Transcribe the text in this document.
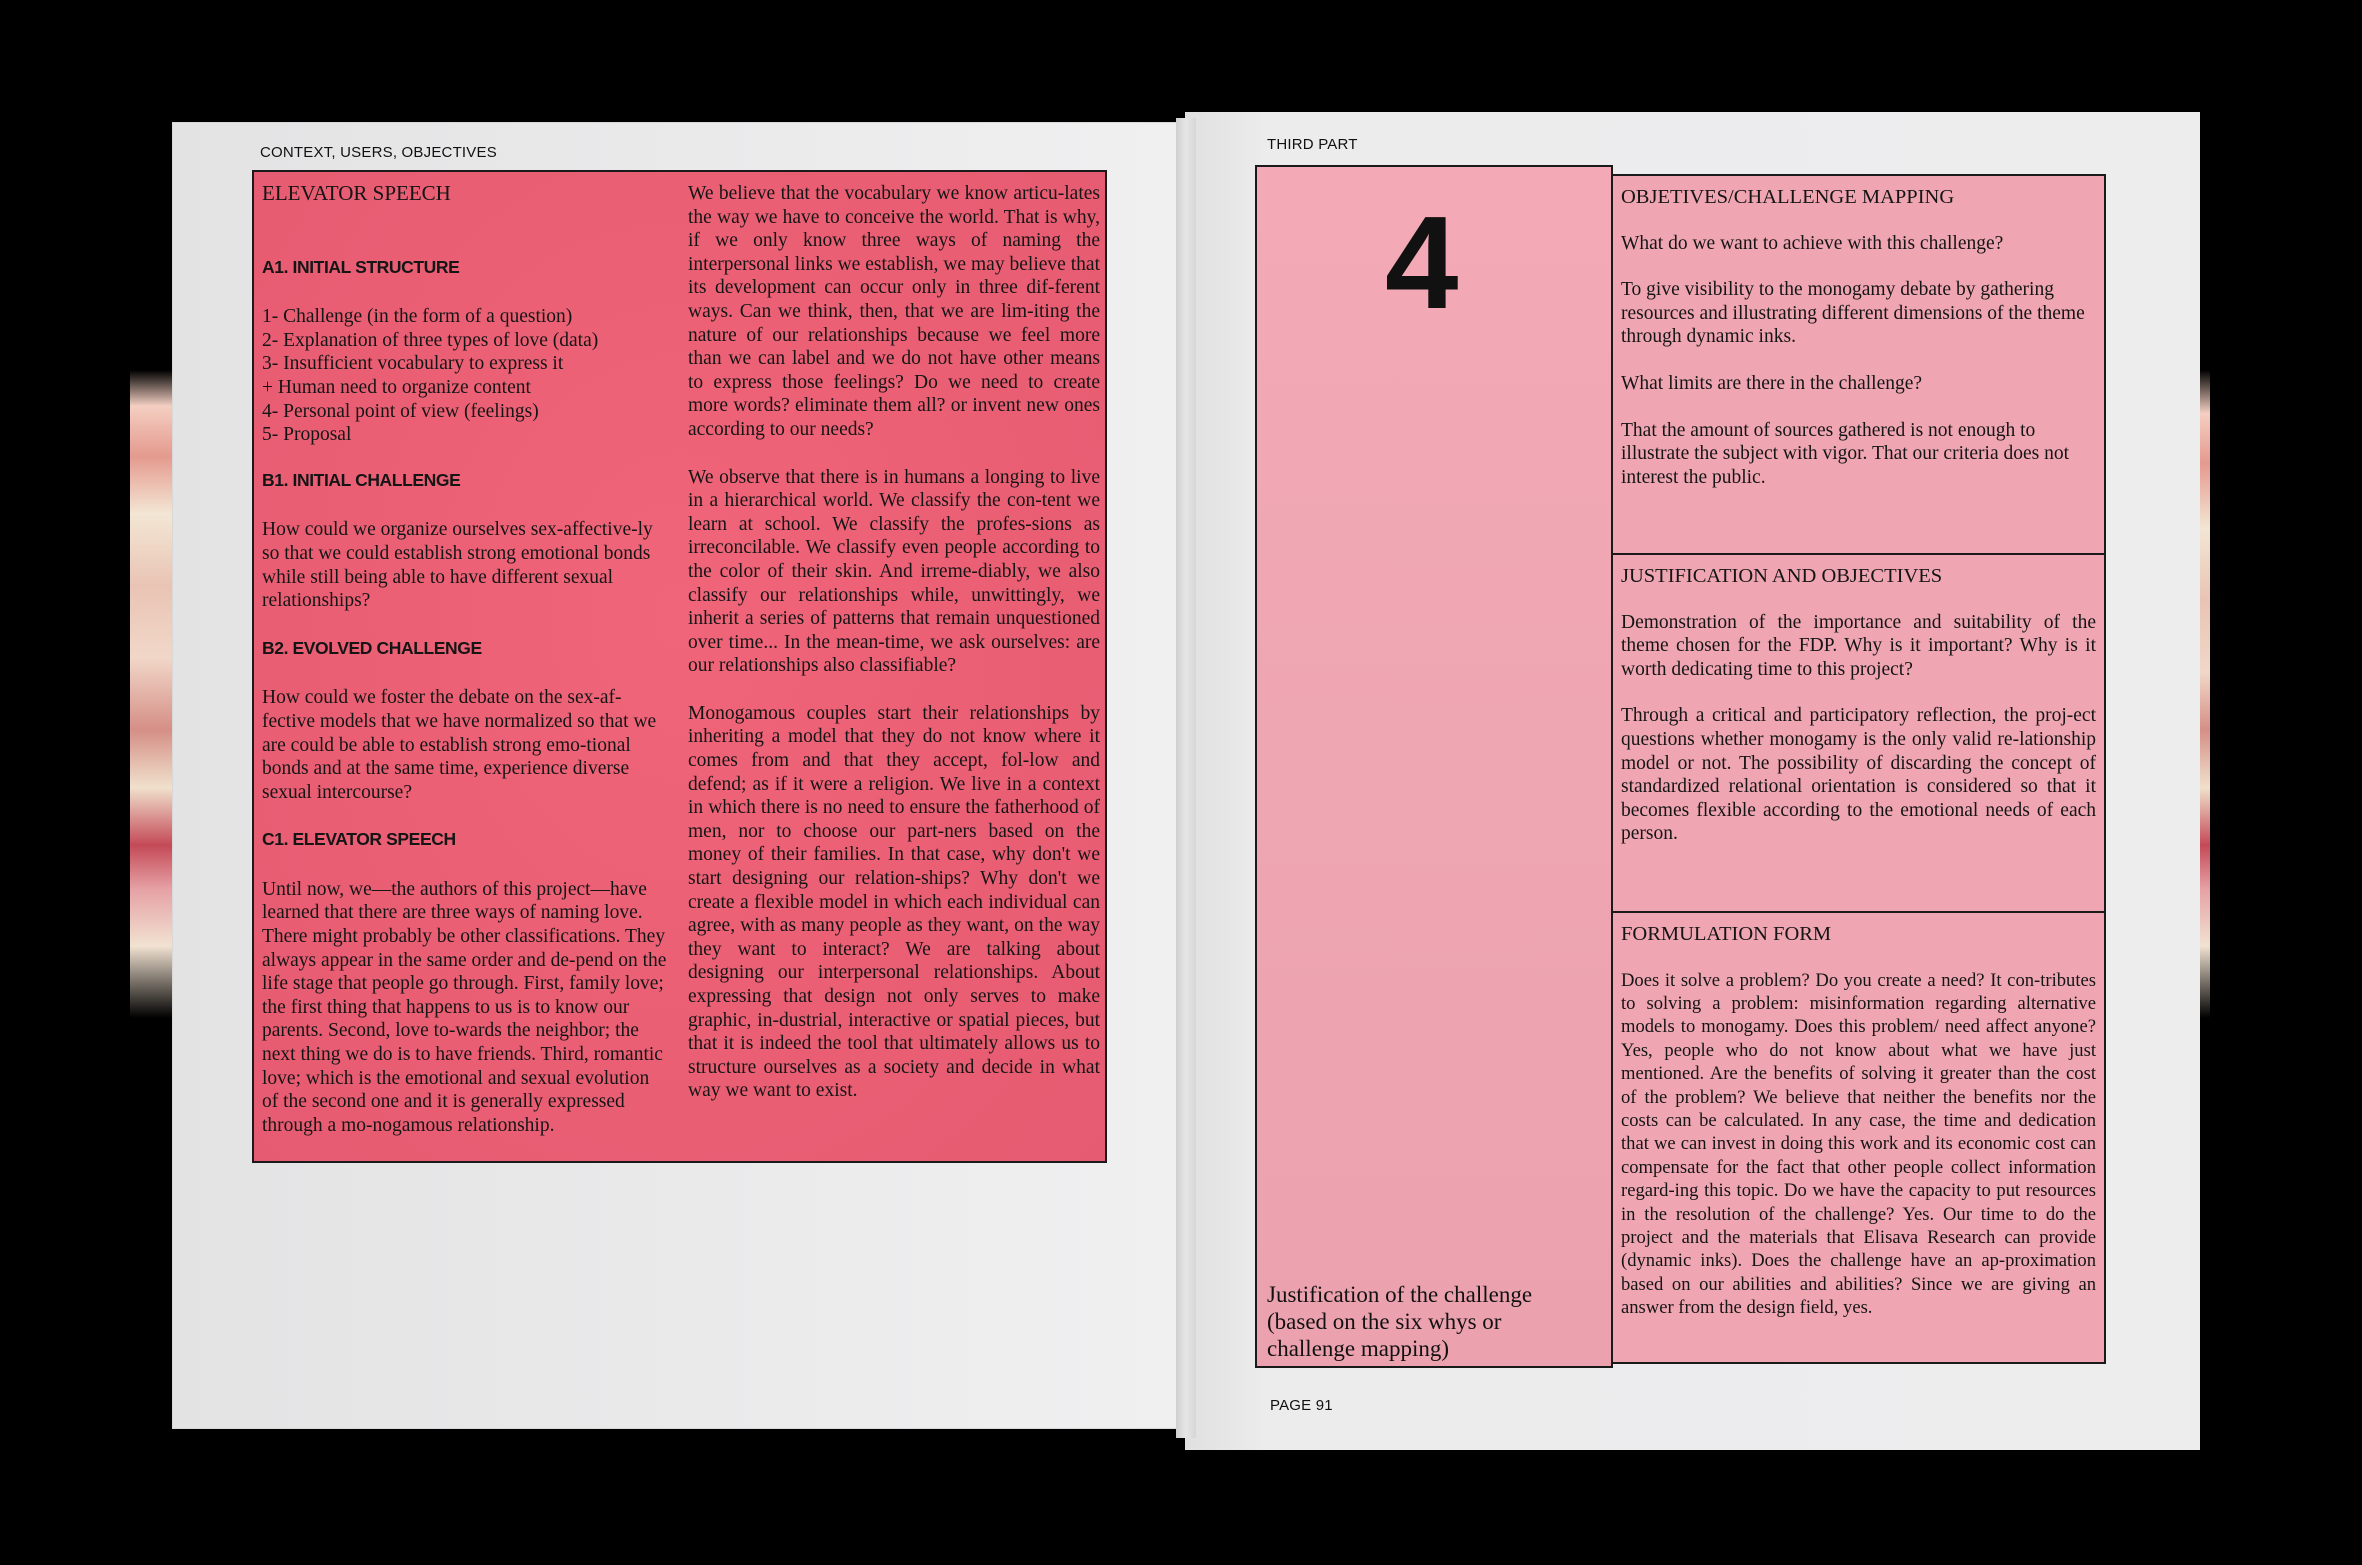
CONTEXT, USERS, OBJECTIVES
ELEVATOR SPEECH
A1. INITIAL STRUCTURE
1- Challenge (in the form of a question)
2- Explanation of three types of love (data)
3- Insufficient vocabulary to express it
+ Human need to organize content
4- Personal point of view (feelings)
5- Proposal
B1. INITIAL CHALLENGE

How could we organize ourselves sex-affective-ly so that we could establish strong emotional bonds while still being able to have different sexual relationships?

B2. EVOLVED CHALLENGE

How could we foster the debate on the sex-af-fective models that we have normalized so that we are could be able to establish strong emo-tional bonds and at the same time, experience diverse sexual intercourse?

C1. ELEVATOR SPEECH

Until now, we—the authors of this project—have learned that there are three ways of naming love. There might probably be other classifications. They always appear in the same order and de-pend on the life stage that people go through. First, family love; the first thing that happens to us is to know our parents. Second, love to-wards the neighbor; the next thing we do is to have friends. Third, romantic love; which is the emotional and sexual evolution of the second one and it is generally expressed through a mo-nogamous relationship.

We believe that the vocabulary we know articu-lates the way we have to conceive the world. That is why, if we only know three ways of naming the interpersonal links we establish, we may believe that its development can occur only in three dif-ferent ways. Can we think, then, that we are lim-iting the nature of our relationships because we feel more than we can label and we do not have other means to express those feelings? Do we need to create more words? eliminate them all? or invent new ones according to our needs?

We observe that there is in humans a longing to live in a hierarchical world. We classify the con-tent we learn at school. We classify the profes-sions as irreconcilable. We classify even people according to the color of their skin. And irreme-diably, we also classify our relationships while, unwittingly, we inherit a series of patterns that remain unquestioned over time... In the mean-time, we ask ourselves: are our relationships also classifiable?

Monogamous couples start their relationships by inheriting a model that they do not know where it comes from and that they accept, fol-low and defend; as if it were a religion. We live in a context in which there is no need to ensure the fatherhood of men, nor to choose our part-ners based on the money of their families. In that case, why don't we start designing our relation-ships? Why don't we create a flexible model in which each individual can agree, with as many people as they want, on the way they want to interact? We are talking about designing our interpersonal relationships. About expressing that design not only serves to make graphic, in-dustrial, interactive or spatial pieces, but that it is indeed the tool that ultimately allows us to structure ourselves as a society and decide in what way we want to exist.

THIRD PART
4
Justification of the challenge (based on the six whys or challenge mapping)
OBJETIVES/CHALLENGE MAPPING

What do we want to achieve with this challenge?

To give visibility to the monogamy debate by gathering resources and illustrating different dimensions of the theme through dynamic inks.

What limits are there in the challenge?

That the amount of sources gathered is not enough to illustrate the subject with vigor. That our criteria does not interest the public.

JUSTIFICATION AND OBJECTIVES

Demonstration of the importance and suitability of the theme chosen for the FDP. Why is it important? Why is it worth dedicating time to this project?

Through a critical and participatory reflection, the proj-ect questions whether monogamy is the only valid re-lationship model or not. The possibility of discarding the concept of standardized relational orientation is considered so that it becomes flexible according to the emotional needs of each person.

FORMULATION FORM

Does it solve a problem? Do you create a need? It con-tributes to solving a problem: misinformation regarding alternative models to monogamy. Does this problem/ need affect anyone? Yes, people who do not know about what we have just mentioned. Are the benefits of solving it greater than the cost of the problem? We believe that neither the benefits nor the costs can be calculated. In any case, the time and dedication that we can invest in doing this work and its economic cost can compensate for the fact that other people collect information regard-ing this topic. Do we have the capacity to put resources in the resolution of the challenge? Yes. Our time to do the project and the materials that Elisava Research can provide (dynamic inks). Does the challenge have an ap-proximation based on our abilities and abilities? Since we are giving an answer from the design field, yes.

PAGE 91
